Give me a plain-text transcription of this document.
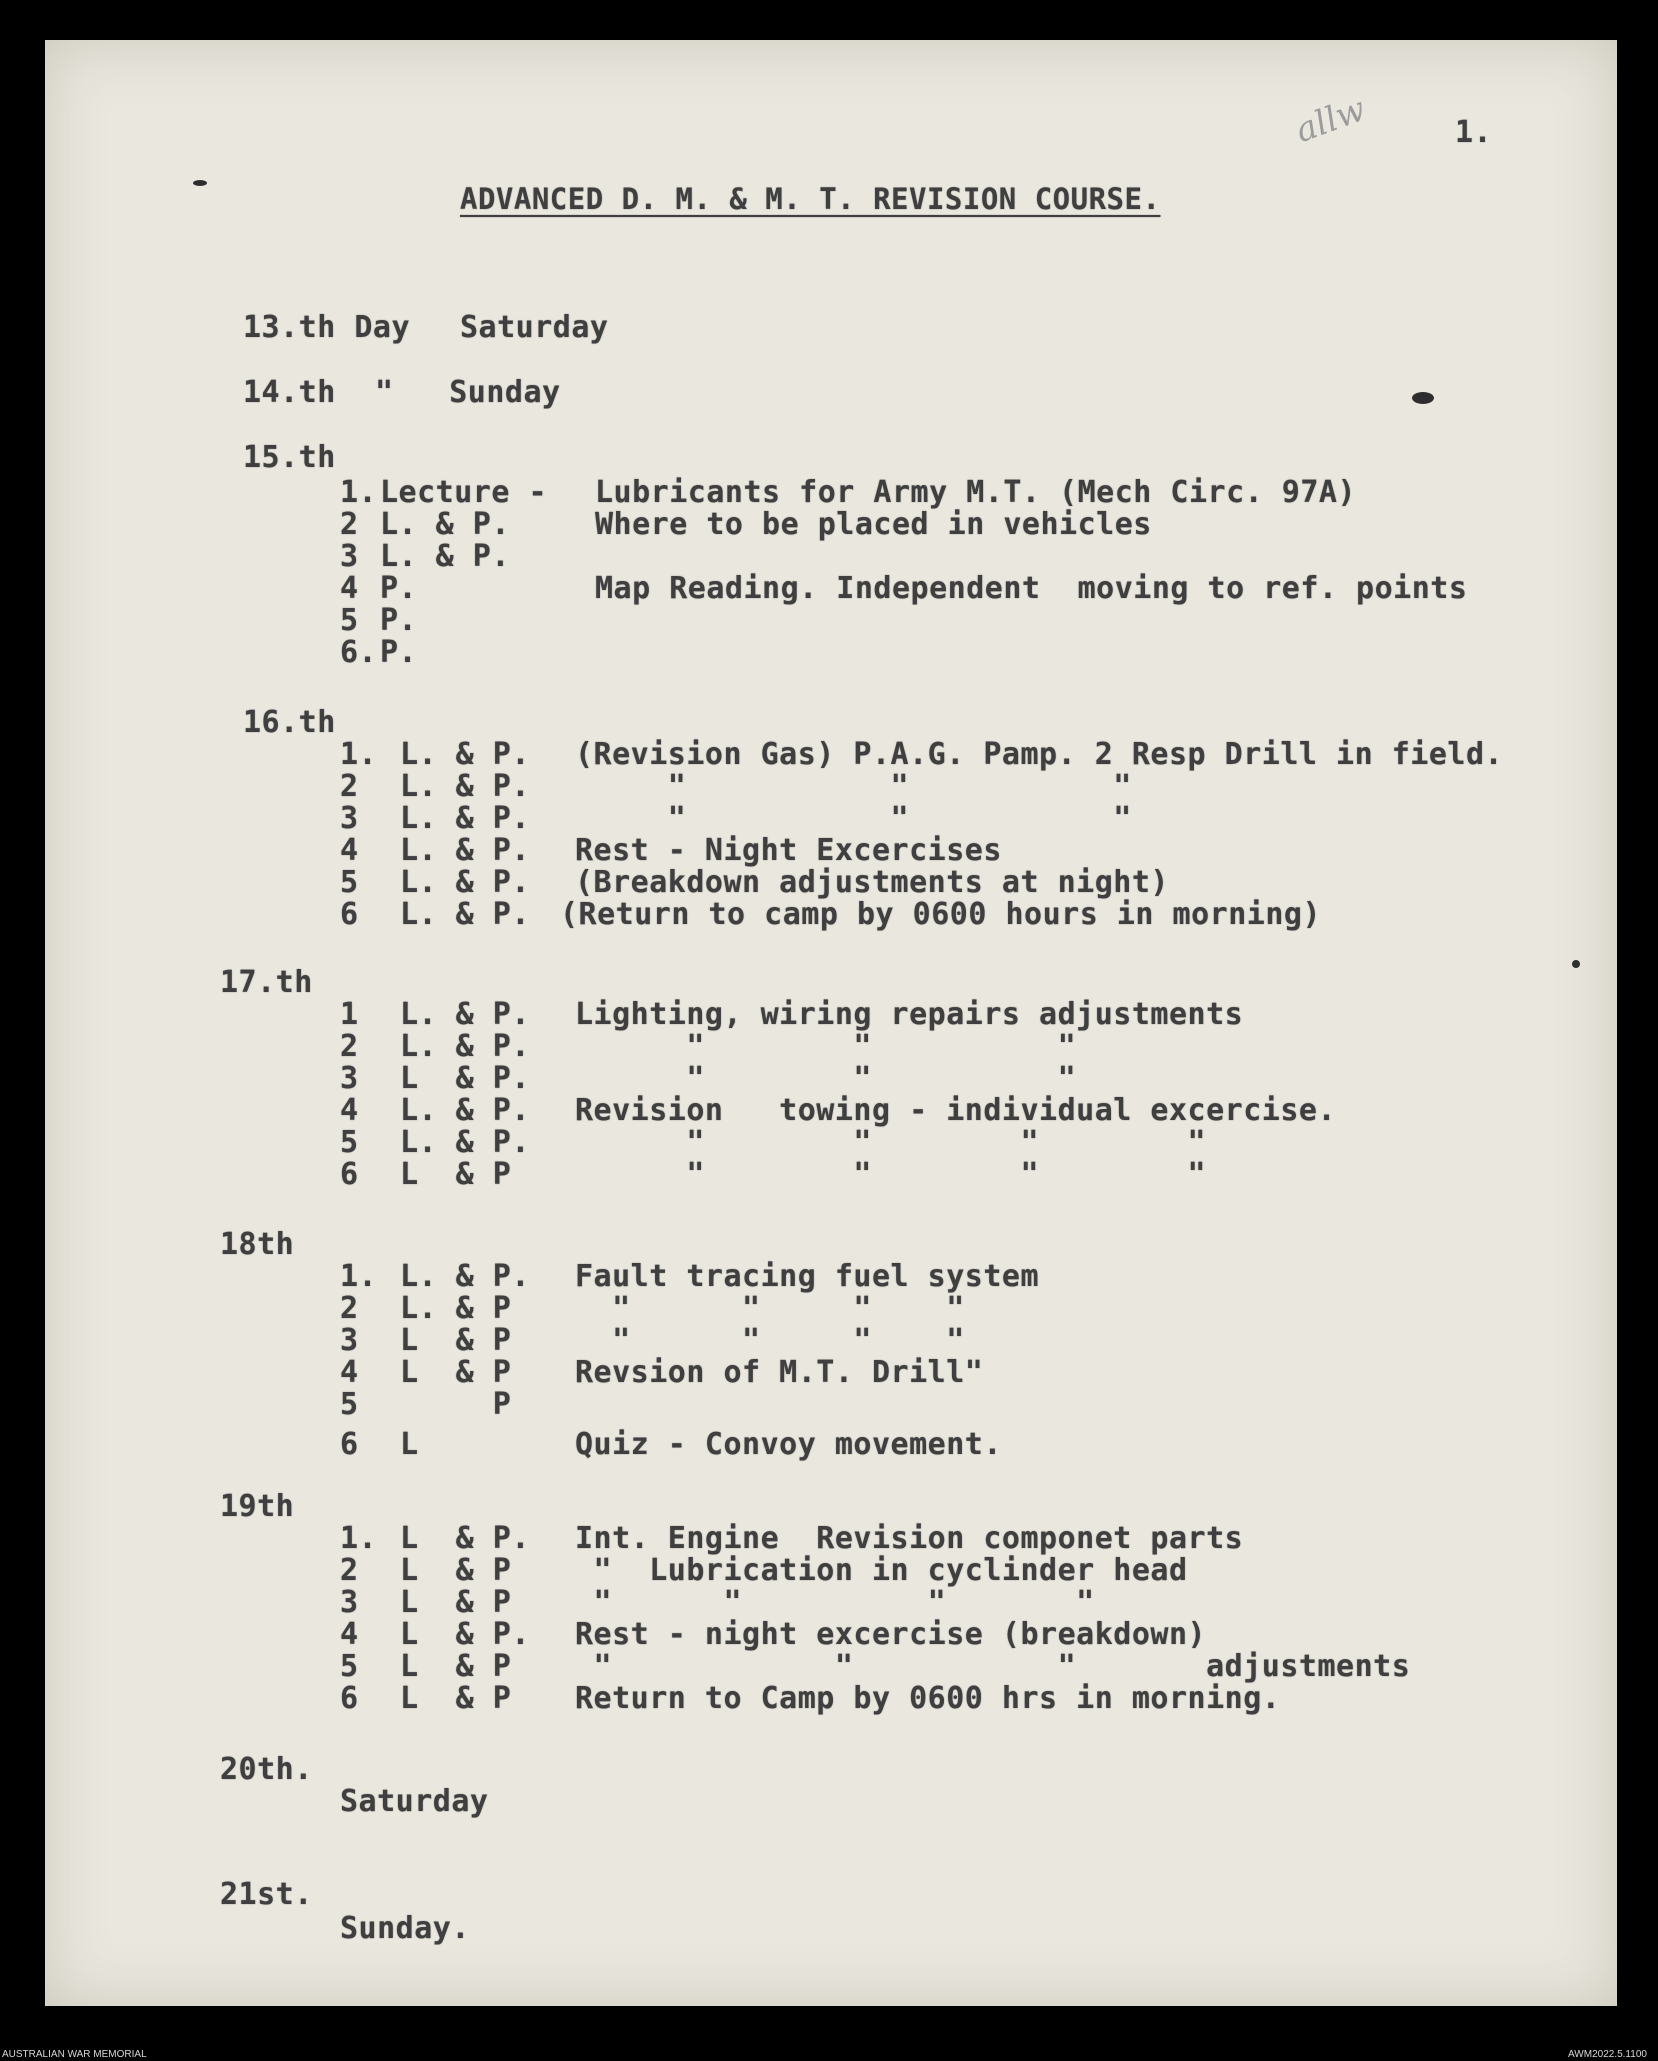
allw	1.
ADVANCED D. M. & M. T. REVISION COURSE.
13.th Day Saturday
14.th "   Sunday
15.th
1. Lecture - Lubricants for Army M.T. (Mech Circ. 97A)
2 L. & P.	Where to be placed in vehicles
3 L. & P.
4 P.	Map Reading. Independent  moving to ref. points
5 P.
6. P.
16.th
1. L. & P. (Revision Gas) P.A.G. Pamp. 2 Resp Drill in field.
2 L. & P. "           "           "
3 L. & P. "           "           "
4 L. & P. Rest - Night Excercises
5 L. & P. (Breakdown adjustments at night)
6 L. & P. (Return to camp by 0600 hours in morning)
17.th
1 L. & P. Lighting, wiring repairs adjustments
2 L. & P. "        "          "
3 L  & P. "        "          "
4 L. & P. Revision   towing - individual excercise.
5 L. & P. "        "        "        "
6 L  & P "        "        "        "
18th
1. L. & P. Fault tracing fuel system
2 L. & P "      "     "    "
3 L  & P "      "     "    "
4 L  & P Revsion of M.T. Drill"
5 P
6 L	Quiz - Convoy movement.
19th
1. L  & P. Int. Engine  Revision componet parts
2 L  & P "  Lubrication in cyclinder head
3 L  & P "      "          "       "
4 L  & P. Rest - night excercise (breakdown)
5 L  & P "            "           "       adjustments
6 L  & P Return to Camp by 0600 hrs in morning.
20th.
Saturday
21st.
Sunday.
AUSTRALIAN WAR MEMORIAL	AWM2022.5.1100
